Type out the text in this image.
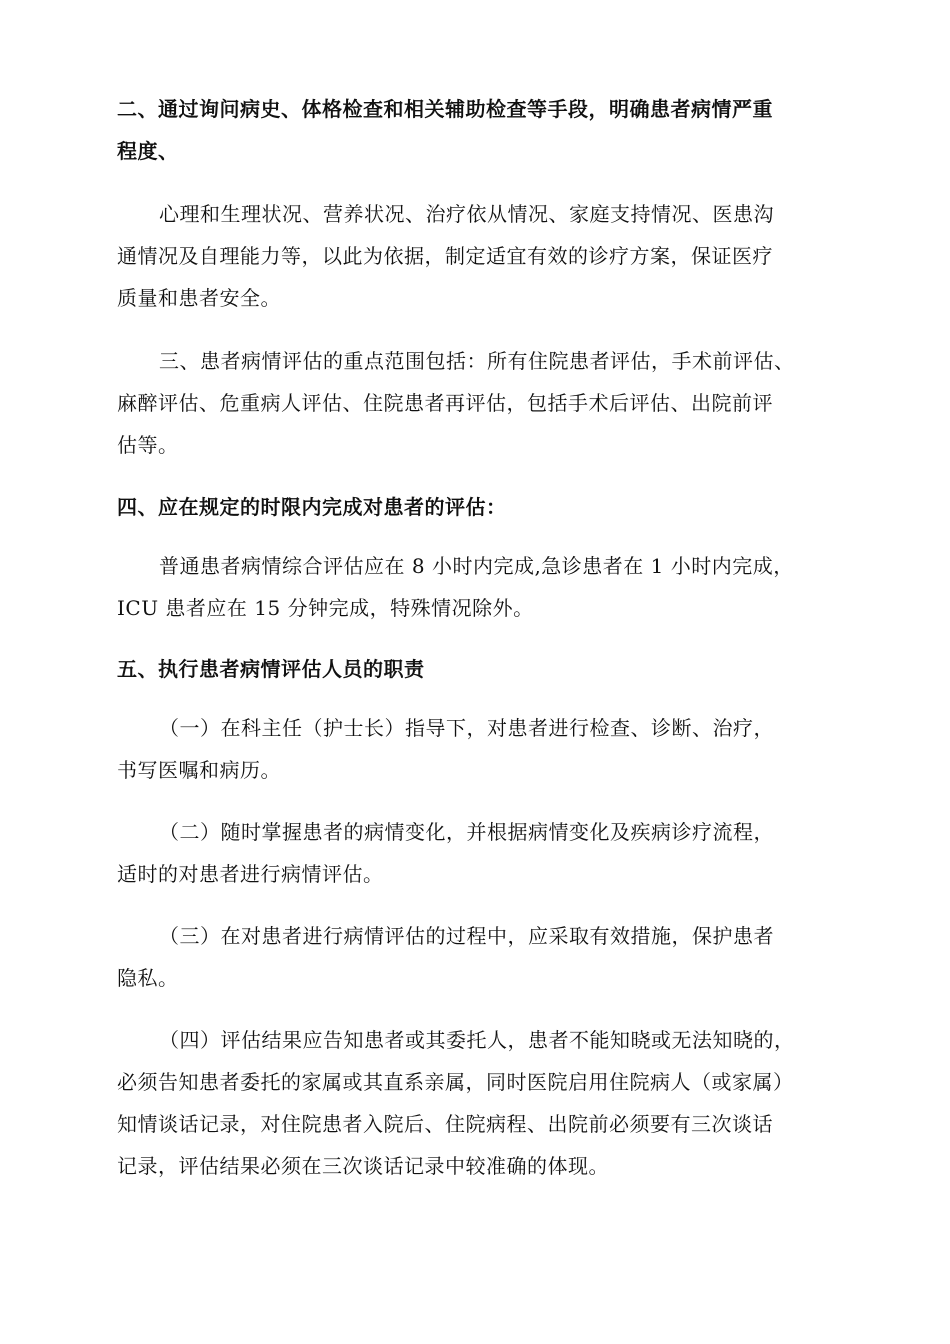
二、通过询问病史、体格检查和相关辅助检查等手段，明确患者病情严重
程度、
心理和生理状况、营养状况、治疗依从情况、家庭支持情况、医患沟
通情况及自理能力等，以此为依据，制定适宜有效的诊疗方案，保证医疗
质量和患者安全。
三、患者病情评估的重点范围包括：所有住院患者评估，手术前评估、
麻醉评估、危重病人评估、住院患者再评估，包括手术后评估、出院前评
估等。
四、应在规定的时限内完成对患者的评估：
普通患者病情综合评估应在 8 小时内完成,急诊患者在 1 小时内完成，
ICU 患者应在 15 分钟完成，特殊情况除外。
五、执行患者病情评估人员的职责
（一）在科主任（护士长）指导下，对患者进行检查、诊断、治疗，
书写医嘱和病历。
（二）随时掌握患者的病情变化，并根据病情变化及疾病诊疗流程，
适时的对患者进行病情评估。
（三）在对患者进行病情评估的过程中，应采取有效措施，保护患者
隐私。
（四）评估结果应告知患者或其委托人，患者不能知晓或无法知晓的，
必须告知患者委托的家属或其直系亲属，同时医院启用住院病人（或家属）
知情谈话记录，对住院患者入院后、住院病程、出院前必须要有三次谈话
记录，评估结果必须在三次谈话记录中较准确的体现。
